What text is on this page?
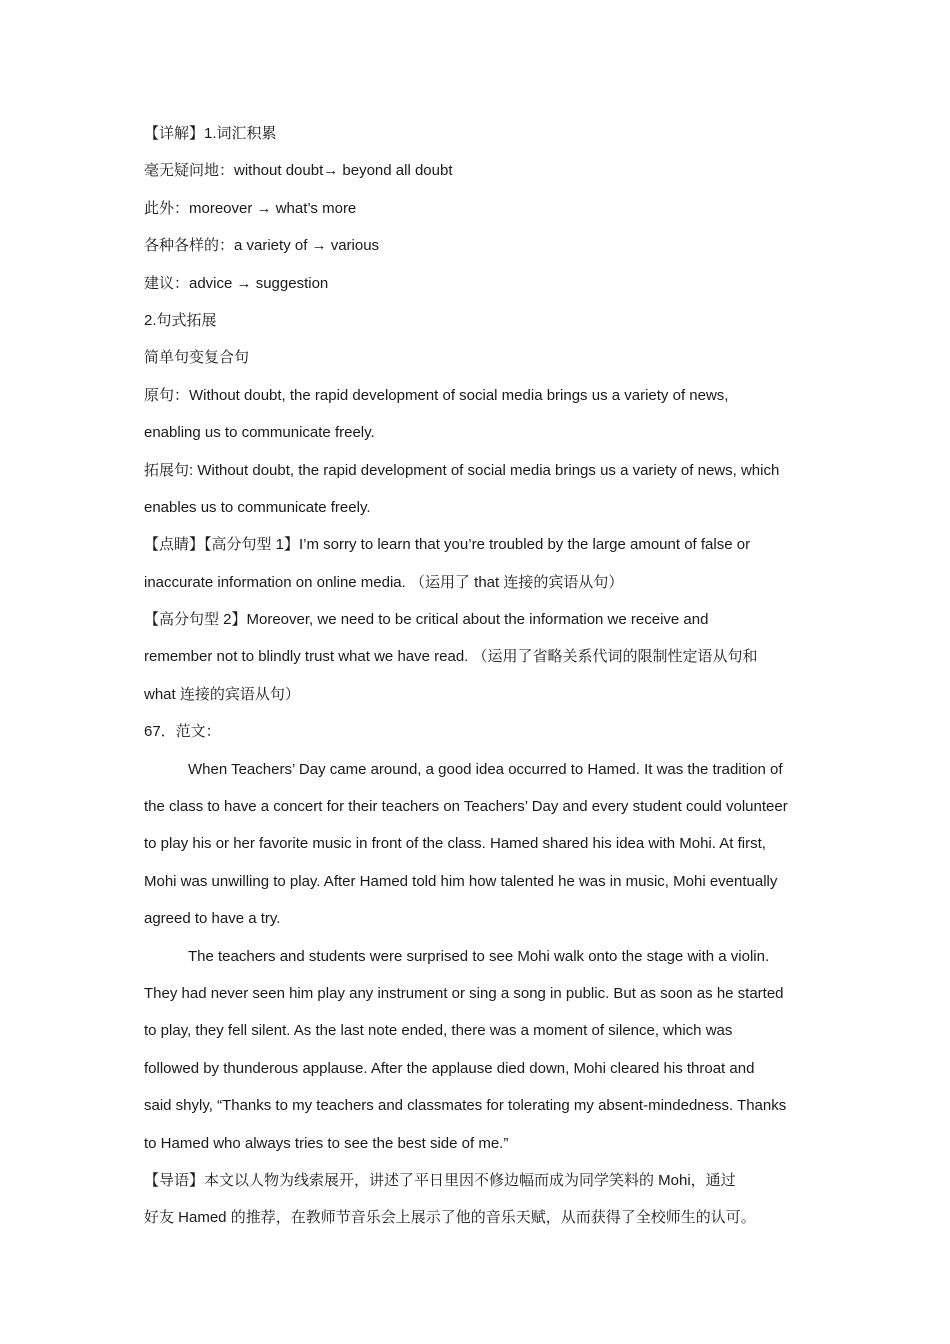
【详解】1.词汇积累
毫无疑问地：without doubt→ beyond all doubt
此外：moreover → what’s more
各种各样的：a variety of → various
建议：advice → suggestion
2.句式拓展
简单句变复合句
原句：Without doubt, the rapid development of social media brings us a variety of news,
enabling us to communicate freely.
拓展句: Without doubt, the rapid development of social media brings us a variety of news, which
enables us to communicate freely.
【点睛】【高分句型 1】I’m sorry to learn that you’re troubled by the large amount of false or
inaccurate information on online media. （运用了 that 连接的宾语从句）
【高分句型 2】Moreover, we need to be critical about the information we receive and
remember not to blindly trust what we have read. （运用了省略关系代词的限制性定语从句和
what 连接的宾语从句）
67．范文：
When Teachers’ Day came around, a good idea occurred to Hamed. It was the tradition of
the class to have a concert for their teachers on Teachers’ Day and every student could volunteer
to play his or her favorite music in front of the class. Hamed shared his idea with Mohi. At first,
Mohi was unwilling to play. After Hamed told him how talented he was in music, Mohi eventually
agreed to have a try.
The teachers and students were surprised to see Mohi walk onto the stage with a violin.
They had never seen him play any instrument or sing a song in public. But as soon as he started
to play, they fell silent. As the last note ended, there was a moment of silence, which was
followed by thunderous applause. After the applause died down, Mohi cleared his throat and
said shyly, “Thanks to my teachers and classmates for tolerating my absent-mindedness. Thanks
to Hamed who always tries to see the best side of me.”
【导语】本文以人物为线索展开，讲述了平日里因不修边幅而成为同学笑料的 Mohi，通过
好友 Hamed 的推荐，在教师节音乐会上展示了他的音乐天赋，从而获得了全校师生的认可。
